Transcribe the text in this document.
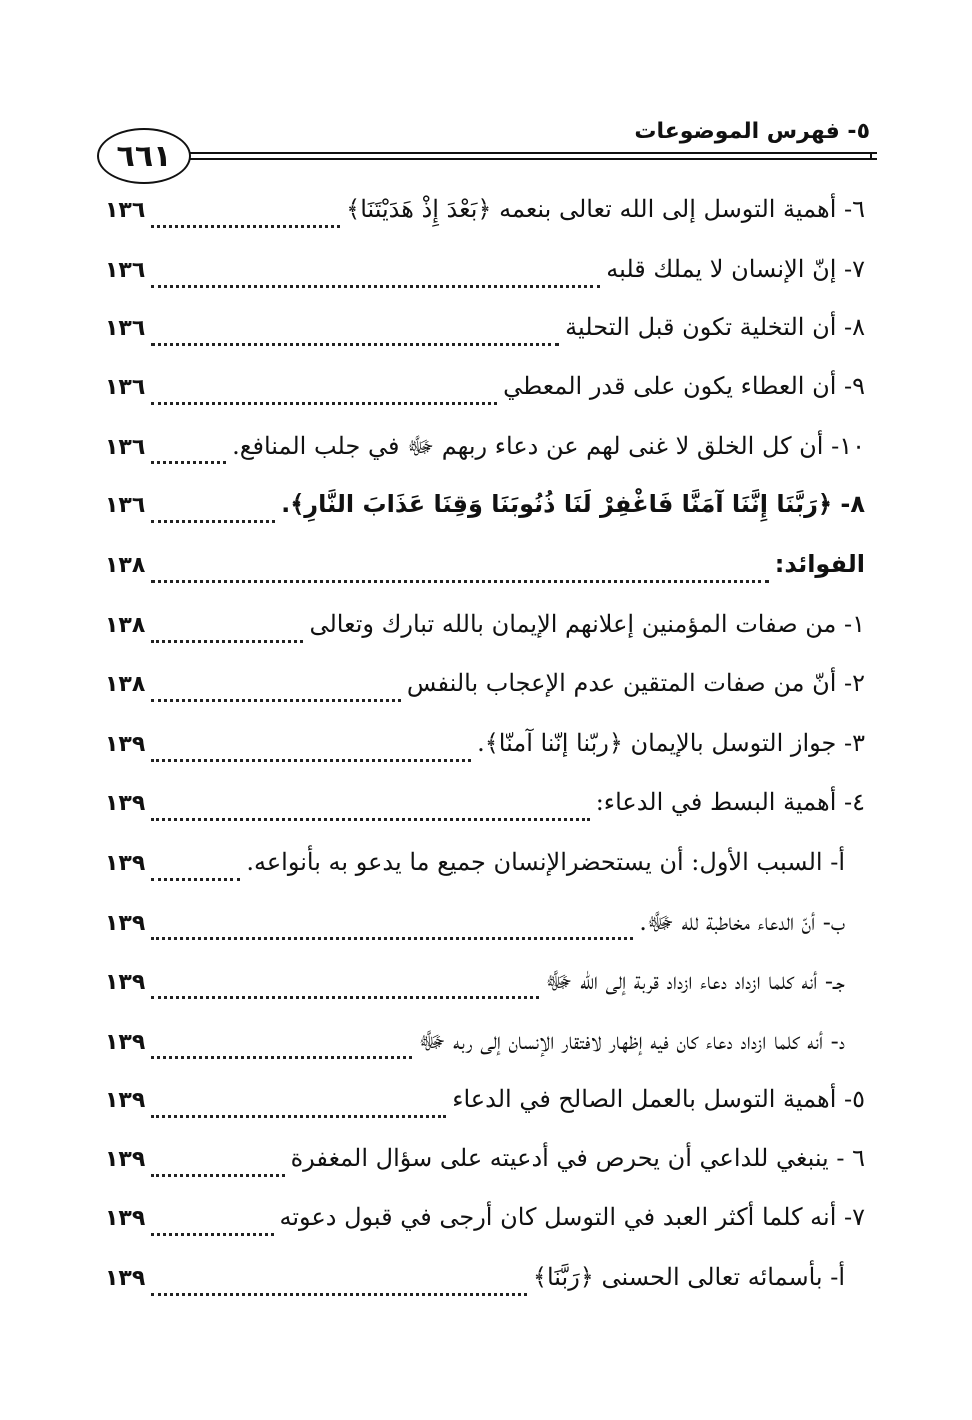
٥- فهرس الموضوعات
٦٦١
٦- أهمية التوسل إلى الله تعالى بنعمه ﴿بَعْدَ إِذْ هَدَيْتَنَا﴾
١٣٦
٧- إنّ الإنسان لا يملك قلبه
١٣٦
٨- أن التخلية تكون قبل التحلية
١٣٦
٩- أن العطاء يكون على قدر المعطي
١٣٦
١٠- أن كل الخلق لا غنى لهم عن دعاء ربهم ﷻ في جلب المنافع.
١٣٦
٨- ﴿رَبَّنَا إِنَّنَا آمَنَّا فَاغْفِرْ لَنَا ذُنُوبَنَا وَقِنَا عَذَابَ النَّارِ﴾.
١٣٦
الفوائد:
١٣٨
١- من صفات المؤمنين إعلانهم الإيمان بالله تبارك وتعالى
١٣٨
٢- أنّ من صفات المتقين عدم الإعجاب بالنفس
١٣٨
٣- جواز التوسل بالإيمان ﴿ربّنا إنّنا آمنّا﴾.
١٣٩
٤- أهمية البسط في الدعاء:
١٣٩
أ- السبب الأول: أن يستحضرالإنسان جميع ما يدعو به بأنواعه.
١٣٩
ب- أنّ الدعاء مخاطبة لله ﷻ.
١٣٩
جـ- أنه كلما ازداد دعاء ازداد قربة إلى الله ﷻ
١٣٩
د- أنه كلما ازداد دعاء كان فيه إظهار لافتقار الإنسان إلى ربه ﷻ
١٣٩
٥- أهمية التوسل بالعمل الصالح في الدعاء
١٣٩
٦ - ينبغي للداعي أن يحرص في أدعيته على سؤال المغفرة
١٣٩
٧- أنه كلما أكثر العبد في التوسل كان أرجى في قبول دعوته
١٣٩
أ- بأسمائه تعالى الحسنى ﴿رَبَّنَا﴾
١٣٩
